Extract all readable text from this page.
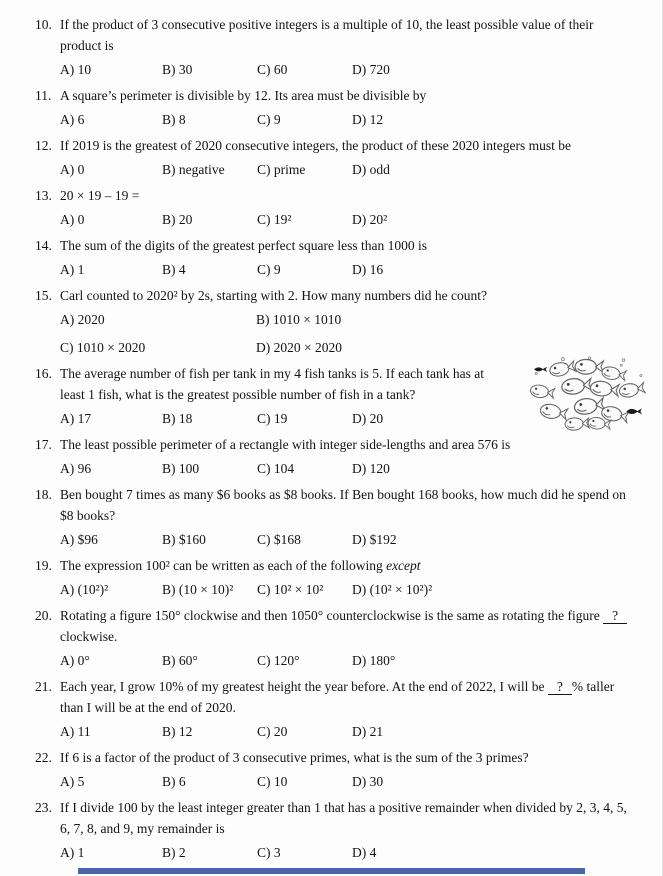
10. If the product of 3 consecutive positive integers is a multiple of 10, the least possible value of their
product is
A) 10	B) 30	C) 60	D) 720
11. A square’s perimeter is divisible by 12. Its area must be divisible by
A) 6	B) 8	C) 9	D) 12
12. If 2019 is the greatest of 2020 consecutive integers, the product of these 2020 integers must be
A) 0	B) negative	C) prime	D) odd
13. 20 × 19 – 19 =
A) 0	B) 20	C) 19²	D) 20²
14. The sum of the digits of the greatest perfect square less than 1000 is
A) 1	B) 4	C) 9	D) 16
15. Carl counted to 2020² by 2s, starting with 2. How many numbers did he count?
A) 2020	B) 1010 × 1010
C) 1010 × 2020	D) 2020 × 2020
16. The average number of fish per tank in my 4 fish tanks is 5. If each tank has at
least 1 fish, what is the greatest possible number of fish in a tank?
A) 17	B) 18	C) 19	D) 20
17. The least possible perimeter of a rectangle with integer side-lengths and area 576 is
A) 96	B) 100	C) 104	D) 120
18. Ben bought 7 times as many $6 books as $8 books. If Ben bought 168 books, how much did he spend on
$8 books?
A) $96	B) $160	C) $168	D) $192
19. The expression 100² can be written as each of the following except
A) (10²)²	B) (10 × 10)²	C) 10² × 10²	D) (10² × 10²)²
20. Rotating a figure 150° clockwise and then 1050° counterclockwise is the same as rotating the figure ?
clockwise.
A) 0°	B) 60°	C) 120°	D) 180°
21. Each year, I grow 10% of my greatest height the year before. At the end of 2022, I will be ? % taller
than I will be at the end of 2020.
A) 11	B) 12	C) 20	D) 21
22. If 6 is a factor of the product of 3 consecutive primes, what is the sum of the 3 primes?
A) 5	B) 6	C) 10	D) 30
23. If I divide 100 by the least integer greater than 1 that has a positive remainder when divided by 2, 3, 4, 5,
6, 7, 8, and 9, my remainder is
A) 1	B) 2	C) 3	D) 4
